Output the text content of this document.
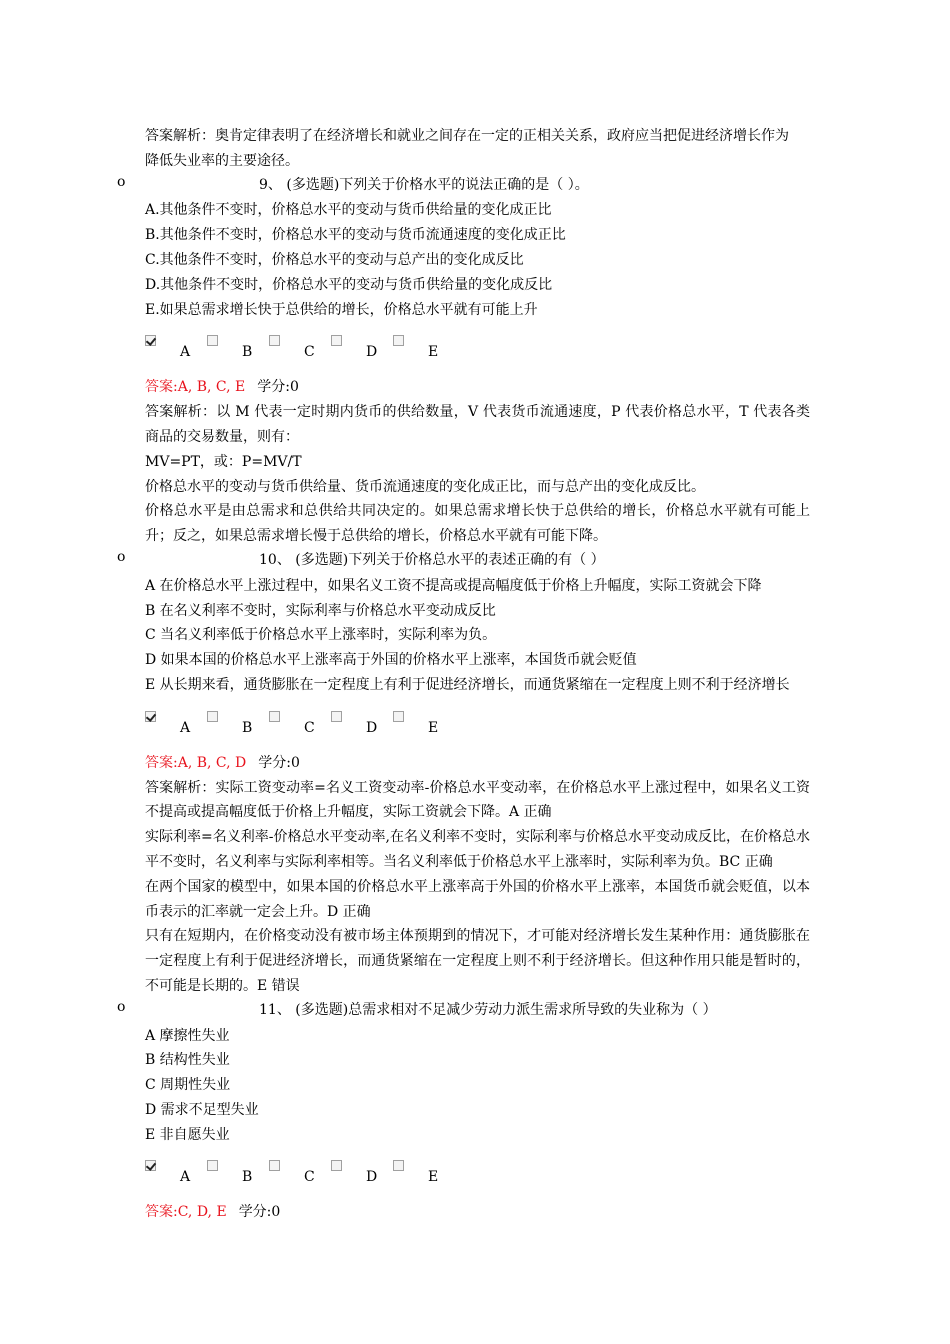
答案解析：奥肯定律表明了在经济增长和就业之间存在一定的正相关关系，政府应当把促进经济增长作为
降低失业率的主要途径。
o	9、 (多选题)下列关于价格水平的说法正确的是（ ）。
A.其他条件不变时，价格总水平的变动与货币供给量的变化成正比
B.其他条件不变时，价格总水平的变动与货币流通速度的变化成正比
C.其他条件不变时，价格总水平的变动与总产出的变化成反比
D.其他条件不变时，价格总水平的变动与货币供给量的变化成反比
E.如果总需求增长快于总供给的增长，价格总水平就有可能上升
A	B	C	D	E
答案:A, B, C, E 学分:0
答案解析：以 M 代表一定时期内货币的供给数量，V 代表货币流通速度，P 代表价格总水平，T 代表各类商品的交易数量，则有：
MV=PT，或：P=MV/T
价格总水平的变动与货币供给量、货币流通速度的变化成正比，而与总产出的变化成反比。
价格总水平是由总需求和总供给共同决定的。如果总需求增长快于总供给的增长，价格总水平就有可能上升；反之，如果总需求增长慢于总供给的增长，价格总水平就有可能下降。
o	10、 (多选题)下列关于价格总水平的表述正确的有（ ）
A 在价格总水平上涨过程中，如果名义工资不提高或提高幅度低于价格上升幅度，实际工资就会下降
B 在名义利率不变时，实际利率与价格总水平变动成反比
C 当名义利率低于价格总水平上涨率时，实际利率为负。
D 如果本国的价格总水平上涨率高于外国的价格水平上涨率，本国货币就会贬值
E 从长期来看，通货膨胀在一定程度上有利于促进经济增长，而通货紧缩在一定程度上则不利于经济增长
A	B	C	D	E
答案:A, B, C, D 学分:0
答案解析：实际工资变动率=名义工资变动率-价格总水平变动率，在价格总水平上涨过程中，如果名义工资不提高或提高幅度低于价格上升幅度，实际工资就会下降。A 正确
实际利率=名义利率-价格总水平变动率,在名义利率不变时，实际利率与价格总水平变动成反比，在价格总水平不变时，名义利率与实际利率相等。当名义利率低于价格总水平上涨率时，实际利率为负。BC 正确
在两个国家的模型中，如果本国的价格总水平上涨率高于外国的价格水平上涨率，本国货币就会贬值，以本币表示的汇率就一定会上升。D 正确
只有在短期内，在价格变动没有被市场主体预期到的情况下，才可能对经济增长发生某种作用：通货膨胀在一定程度上有利于促进经济增长，而通货紧缩在一定程度上则不利于经济增长。但这种作用只能是暂时的，不可能是长期的。E 错误
o	11、 (多选题)总需求相对不足减少劳动力派生需求所导致的失业称为（ ）
A 摩擦性失业
B 结构性失业
C 周期性失业
D 需求不足型失业
E 非自愿失业
A	B	C	D	E
答案:C, D, E 学分:0
